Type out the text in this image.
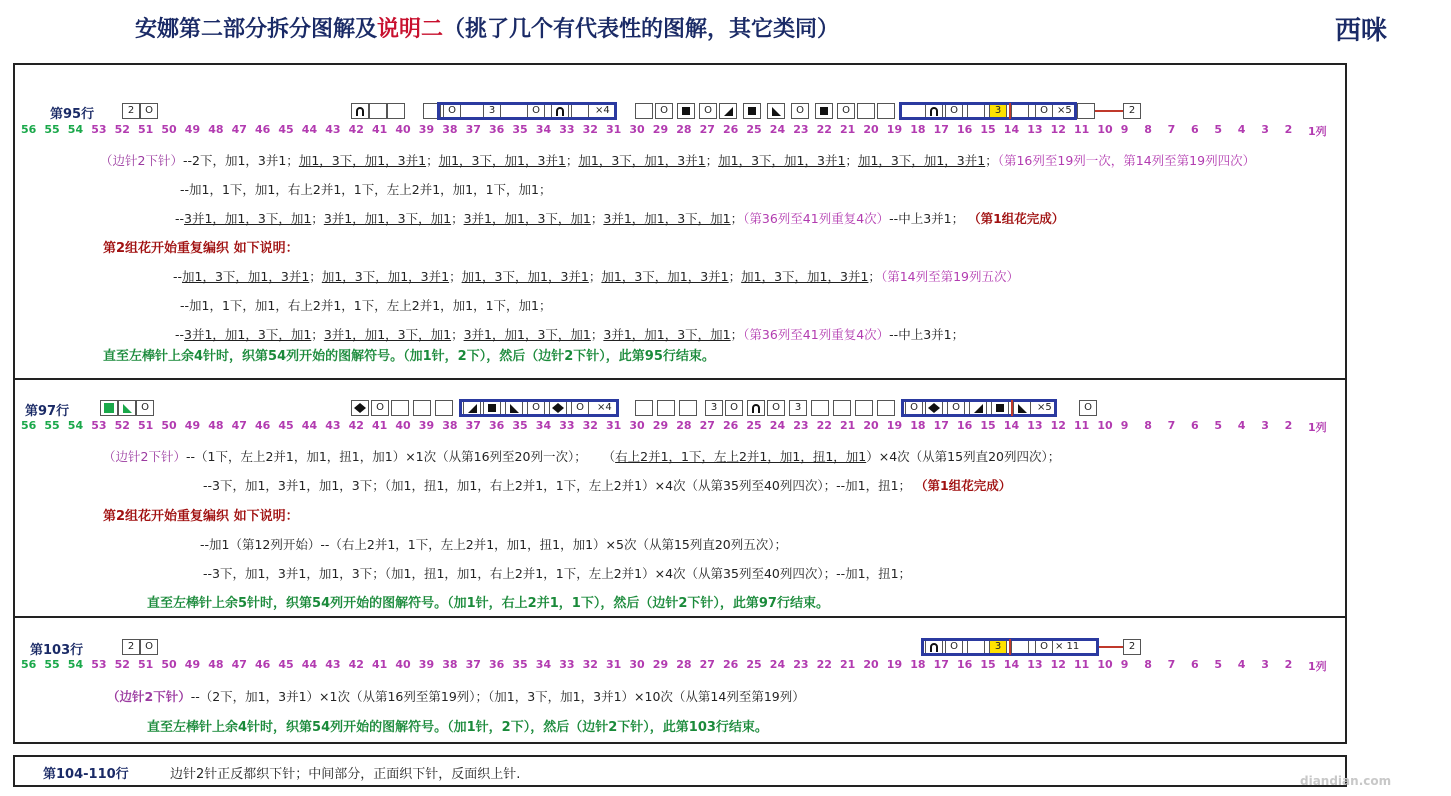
安娜第二部分拆分图解及说明二（挑了几个有代表性的图解，其它类同）	西咪
第95行	2	O	O	3	O	O	O	O	O	O	3	O	2
×4	×5
56 55 54 53 52 51 50 49 48 47 46 45 44 43 42 41 40 39 38 37 36 35 34 33 32 31 30 29 28 27 26 25 24 23 22 21 20 19 18 17 16 15 14 13 12 11 10 9 8 7 6 5 4 3 2 1列
（边针2下针）--2下，加1，3并1；加1，3下，加1，3并1；加1，3下，加1，3并1；加1，3下，加1，3并1；加1，3下，加1，3并1；加1，3下，加1，3并1；（第16列至19列一次，第14列至第19列四次）
--加1，1下，加1，右上2并1，1下，左上2并1，加1，1下，加1；
--3并1，加1，3下，加1；3并1，加1，3下，加1；3并1，加1，3下，加1；3并1，加1，3下，加1；（第36列至41列重复4次）--中上3并1； （第1组花完成）
第2组花开始重复编织 如下说明：
--加1，3下，加1，3并1；加1，3下，加1，3并1；加1，3下，加1，3并1；加1，3下，加1，3并1；加1，3下，加1，3并1；（第14列至第19列五次）
--加1，1下，加1，右上2并1，1下，左上2并1，加1，1下，加1；
--3并1，加1，3下，加1；3并1，加1，3下，加1；3并1，加1，3下，加1；3并1，加1，3下，加1；（第36列至41列重复4次）--中上3并1；
直至左棒针上余4针时，织第54列开始的图解符号。（加1针，2下），然后（边针2下针），此第95行结束。
第97行	O	O	O	O	3	O	O	3	O	O	O
×4	×5
56 55 54 53 52 51 50 49 48 47 46 45 44 43 42 41 40 39 38 37 36 35 34 33 32 31 30 29 28 27 26 25 24 23 22 21 20 19 18 17 16 15 14 13 12 11 10 9 8 7 6 5 4 3 2 1列
（边针2下针）--（1下，左上2并1，加1，扭1，加1）×1次（从第16列至20列一次）； （右上2并1，1下，左上2并1，加1，扭1，加1）×4次（从第15列直20列四次）；
--3下，加1，3并1，加1，3下；（加1，扭1，加1，右上2并1，1下，左上2并1）×4次（从第35列至40列四次）；--加1，扭1； （第1组花完成）
第2组花开始重复编织 如下说明：
--加1（第12列开始）--（右上2并1，1下，左上2并1，加1，扭1，加1）×5次（从第15列直20列五次）；
--3下，加1，3并1，加1，3下；（加1，扭1，加1，右上2并1，1下，左上2并1）×4次（从第35列至40列四次）；--加1，扭1；
直至左棒针上余5针时，织第54列开始的图解符号。（加1针，右上2并1，1下），然后（边针2下针），此第97行结束。
第103行	2	O	O	3	O	2
× 11
56 55 54 53 52 51 50 49 48 47 46 45 44 43 42 41 40 39 38 37 36 35 34 33 32 31 30 29 28 27 26 25 24 23 22 21 20 19 18 17 16 15 14 13 12 11 10 9 8 7 6 5 4 3 2 1列
（边针2下针）--（2下，加1，3并1）×1次（从第16列至第19列）；（加1，3下，加1，3并1）×10次（从第14列至第19列）
直至左棒针上余4针时，织第54列开始的图解符号。（加1针，2下），然后（边针2下针），此第103行结束。
第104-110行	边针2针正反都织下针；中间部分，正面织下针，反面织上针.	diandian.com
